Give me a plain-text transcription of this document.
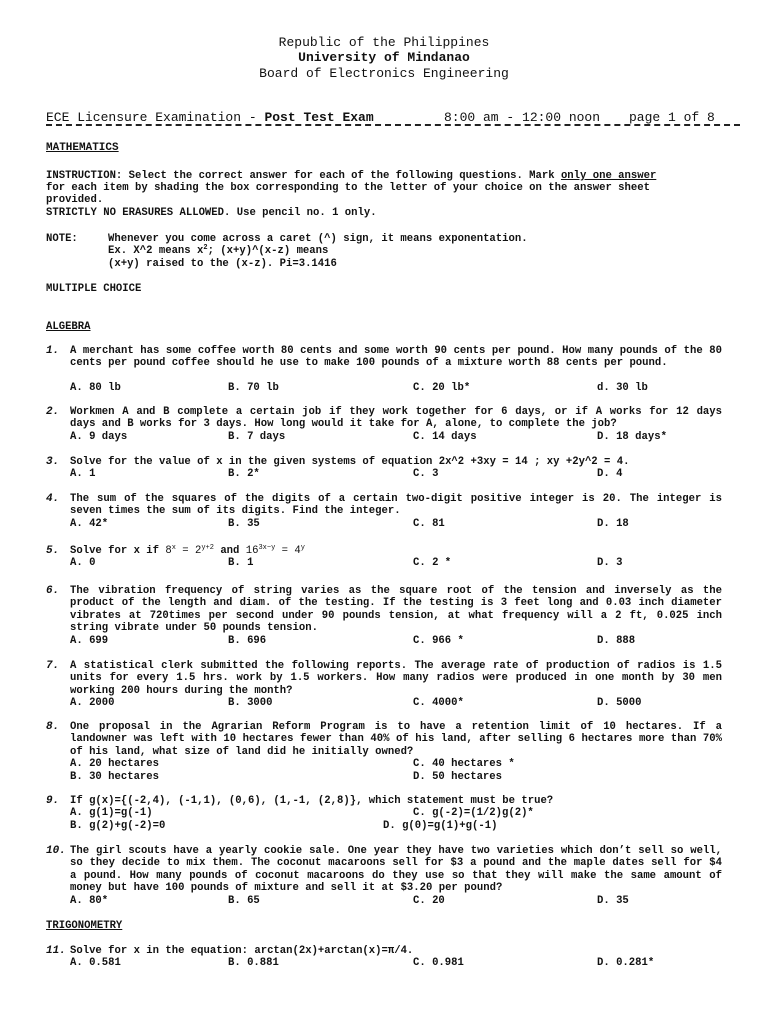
Republic of the Philippines
University of Mindanao
Board of Electronics Engineering
ECE Licensure Examination - Post Test Exam	8:00 am - 12:00 noon page 1 of 8
MATHEMATICS
INSTRUCTION: Select the correct answer for each of the following questions. Mark only one answer
for each item by shading the box corresponding to the letter of your choice on the answer sheet
provided.
STRICTLY NO ERASURES ALLOWED. Use pencil no. 1 only.
NOTE:	Whenever you come across a caret (^) sign, it means exponentation.
Ex. X^2 means $x^2$; (x+y)^(x-z) means
(x+y) raised to the (x-z). Pi=3.1416
MULTIPLE CHOICE
ALGEBRA
1. A merchant has some coffee worth 80 cents and some worth 90 cents per pound. How many pounds of the 80 cents per pound coffee should he use to make 100 pounds of a mixture worth 88 cents per pound.
A. 80 lb	B. 70 lb	C. 20 lb*	d. 30 lb
2. Workmen A and B complete a certain job if they work together for 6 days, or if A works for 12 days days and B works for 3 days. How long would it take for A, alone, to complete the job?
A. 9 days	B. 7 days	C. 14 days	D. 18 days*
3. Solve for the value of x in the given systems of equation 2x^2 +3xy = 14 ; xy +2y^2 = 4.
A. 1	B. 2*	C. 3	D. 4
4. The sum of the squares of the digits of a certain two-digit positive integer is 20. The integer is seven times the sum of its digits. Find the integer.
A. 42*	B. 35	C. 81	D. 18
5. Solve for x if $8^x = 2^{y+2}$ and $16^{3x-y} = 4^y$
A. 0	B. 1	C. 2 *	D. 3
6. The vibration frequency of string varies as the square root of the tension and inversely as the product of the length and diam. of the testing. If the testing is 3 feet long and 0.03 inch diameter vibrates at 720times per second under 90 pounds tension, at what frequency will a 2 ft, 0.025 inch string vibrate under 50 pounds tension.
A. 699	B. 696	C. 966 *	D. 888
7. A statistical clerk submitted the following reports. The average rate of production of radios is 1.5 units for every 1.5 hrs. work by 1.5 workers. How many radios were produced in one month by 30 men working 200 hours during the month?
A. 2000	B. 3000	C. 4000*	D. 5000
8. One proposal in the Agrarian Reform Program is to have a retention limit of 10 hectares. If a landowner was left with 10 hectares fewer than 40% of his land, after selling 6 hectares more than 70% of his land, what size of land did he initially owned?
A. 20 hectares	C. 40 hectares *
B. 30 hectares	D. 50 hectares
9. If g(x)={(-2,4), (-1,1), (0,6), (1,-1, (2,8)}, which statement must be true?
A. g(1)=g(-1)	C. g(-2)=(1/2)g(2)*
B. g(2)+g(-2)=0	D. g(0)=g(1)+g(-1)
10. The girl scouts have a yearly cookie sale. One year they have two varieties which don’t sell so well, so they decide to mix them. The coconut macaroons sell for $3 a pound and the maple dates sell for $4 a pound. How many pounds of coconut macaroons do they use so that they will make the same amount of money but have 100 pounds of mixture and sell it at $3.20 per pound?
A. 80*	B. 65	C. 20	D. 35
11. Solve for x in the equation: arctan(2x)+arctan(x)=π/4.
A. 0.581	B. 0.881	C. 0.981	D. 0.281*
TRIGONOMETRY
